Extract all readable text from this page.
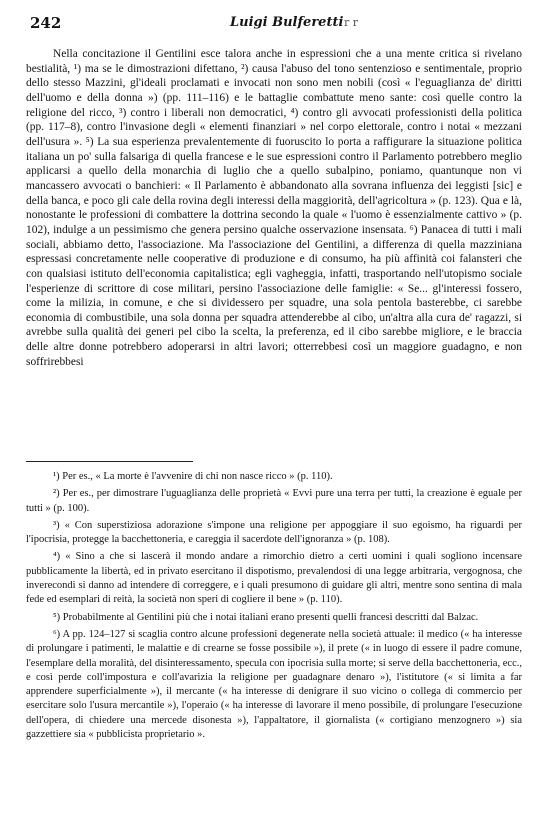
242	Luigi Bulferetti r r

Nella concitazione il Gentilini esce talora anche in espressioni che a una mente critica si rivelano bestialità, ¹) ma se le dimostrazioni difettano, ²) causa l'abuso del tono sentenzioso e sentimentale, proprio dello stesso Mazzini, gl'ideali proclamati e invocati non sono men nobili (così « l'eguaglianza de' diritti dell'uomo e della donna ») (pp. 111–116) e le battaglie combattute meno sante: così quelle contro la religione del ricco, ³) contro i liberali non democratici, ⁴) contro gli avvocati professionisti della politica (pp. 117–8), contro l'invasione degli « elementi finanziari » nel corpo elettorale, contro i notai « mezzani dell'usura ». ⁵) La sua esperienza prevalentemente di fuoruscito lo porta a raffigurare la situazione politica italiana un po' sulla falsariga di quella francese e le sue espressioni contro il Parlamento potrebbero meglio applicarsi a quello della monarchia di luglio che a quello subalpino, poniamo, quantunque non vi mancassero avvocati o banchieri: « Il Parlamento è abbandonato alla sovrana influenza dei leggisti [sic] e della banca, e poco gli cale della rovina degli interessi della maggiorità, dell'agricoltura » (p. 123). Qua e là, nonostante le professioni di combattere la dottrina secondo la quale « l'uomo è essenzialmente cattivo » (p. 102), indulge a un pessimismo che genera persino qualche osservazione insensata. ⁶) Panacea di tutti i mali sociali, abbiamo detto, l'associazione. Ma l'associazione del Gentilini, a differenza di quella mazziniana espressasi concretamente nelle cooperative di produzione e di consumo, ha più affinità coi falansteri che con qualsiasi istituto dell'economia capitalistica; egli vagheggia, infatti, trasportando nell'utopismo sociale l'esperienze di scrittore di cose militari, persino l'associazione delle famiglie: « Se... gl'interessi fossero, come la milizia, in comune, e che si dividessero per squadre, una sola pentola basterebbe, ci sarebbe economia di combustibile, una sola donna per squadra attenderebbe al cibo, un'altra alla cura de' ragazzi, si avrebbe sulla qualità dei generi pel cibo la scelta, la preferenza, ed il cibo sarebbe migliore, e le braccia delle altre donne potrebbero adoperarsi in altri lavori; otterrebbesi così un maggiore guadagno, e non soffrirebbesi

¹) Per es., « La morte è l'avvenire di chi non nasce ricco » (p. 110).

²) Per es., per dimostrare l'uguaglianza delle proprietà « Evvi pure una terra per tutti, la creazione è eguale per tutti » (p. 100).

³) « Con superstiziosa adorazione s'impone una religione per appoggiare il suo egoismo, ha riguardi per l'ipocrisia, protegge la bacchettoneria, e careggia il sacerdote dell'ignoranza » (p. 108).

⁴) « Sino a che si lascerà il mondo andare a rimorchio dietro a certi uomini i quali sogliono incensare pubblicamente la libertà, ed in privato esercitano il dispotismo, prevalendosi di una legge arbitraria, vergognosa, che inverecondi si danno ad intendere di correggere, e i quali presumono di guidare gli altri, mentre sono sentina di mala fede ed esemplari di reità, la società non speri di cogliere il bene » (p. 110).

⁵) Probabilmente al Gentilini più che i notai italiani erano presenti quelli francesi descritti dal Balzac.

⁶) A pp. 124–127 si scaglia contro alcune professioni degenerate nella società attuale: il medico (« ha interesse di prolungare i patimenti, le malattie e di crearne se fosse possibile »), il prete (« in luogo di essere il padre comune, l'esemplare della moralità, del disinteressamento, specula con ipocrisia sulla morte; si serve della bacchettoneria, ecc., e così perde coll'impostura e coll'avarizia la religione per guadagnare denaro »), l'istitutore (« si limita a far apprendere superficialmente »), il mercante (« ha interesse di denigrare il suo vicino o collega di commercio per esercitare solo l'usura mercantile »), l'operaio (« ha interesse di lavorare il meno possibile, di prolungare l'esecuzione dell'opera, di chiedere una mercede disonesta »), l'appaltatore, il giornalista (« cortigiano menzognero ») sia gazzettiere sia « pubblicista proprietario ».
